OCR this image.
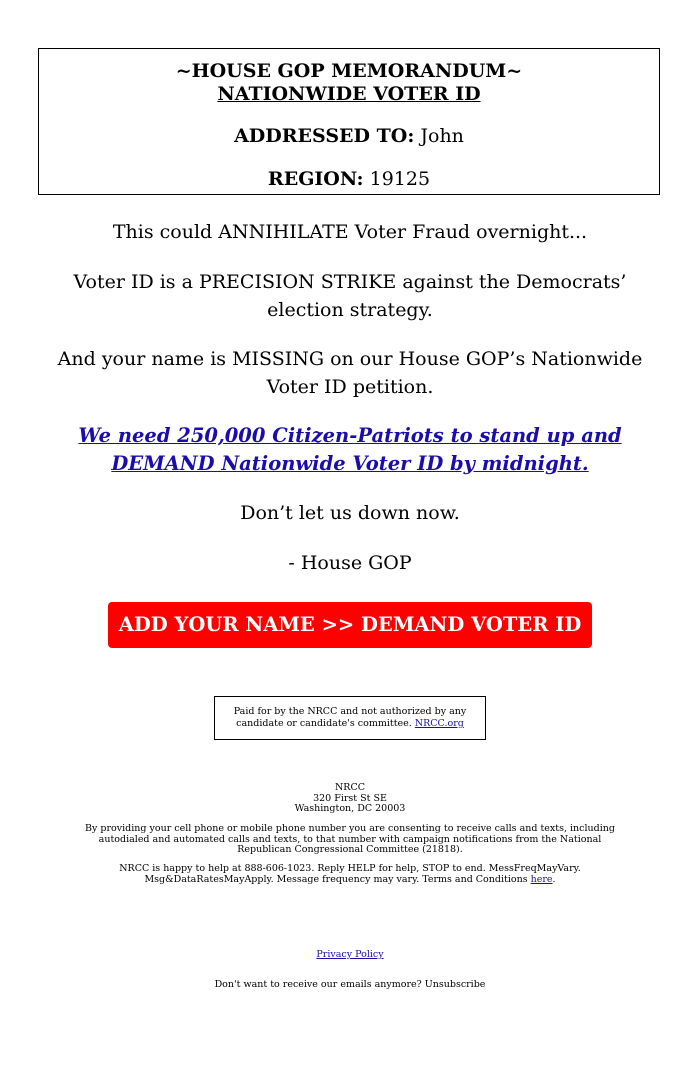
~HOUSE GOP MEMORANDUM~
NATIONWIDE VOTER ID
ADDRESSED TO: John
REGION: 19125

This could ANNIHILATE Voter Fraud overnight...

Voter ID is a PRECISION STRIKE against the Democrats’ election strategy.

And your name is MISSING on our House GOP’s Nationwide Voter ID petition.

We need 250,000 Citizen-Patriots to stand up and DEMAND Nationwide Voter ID by midnight.

Don’t let us down now.

- House GOP

ADD YOUR NAME >> DEMAND VOTER ID
Paid for by the NRCC and not authorized by any candidate or candidate's committee. NRCC.org
NRCC
320 First St SE
Washington, DC 20003

By providing your cell phone or mobile phone number you are consenting to receive calls and texts, including autodialed and automated calls and texts, to that number with campaign notifications from the National Republican Congressional Committee (21818).

NRCC is happy to help at 888-606-1023. Reply HELP for help, STOP to end. MessFreqMayVary. Msg&DataRatesMayApply. Message frequency may vary. Terms and Conditions here.

Privacy Policy

Don't want to receive our emails anymore? Unsubscribe
